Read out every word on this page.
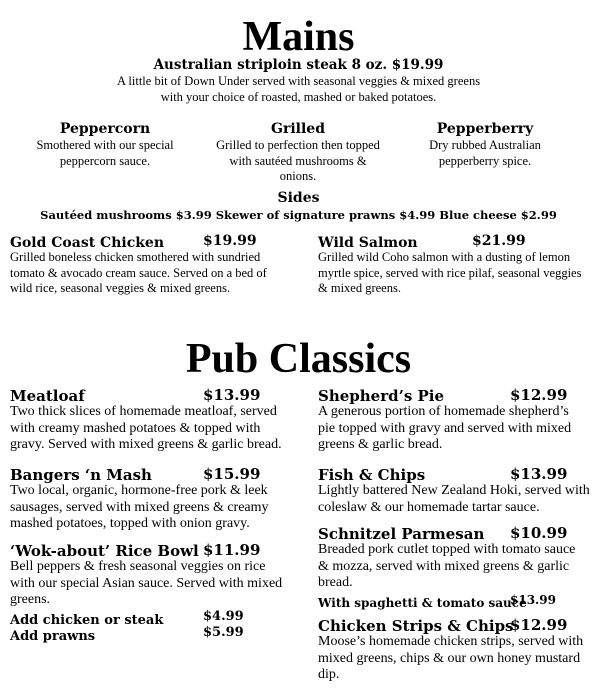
Mains
Australian striploin steak 8 oz. $19.99
A little bit of Down Under served with seasonal veggies & mixed greens
with your choice of roasted, mashed or baked potatoes.
Peppercorn
Smothered with our special
peppercorn sauce.
Grilled
Grilled to perfection then topped
with sautéed mushrooms &
onions.
Pepperberry
Dry rubbed Australian
pepperberry spice.
Sides
Sautéed mushrooms $3.99 Skewer of signature prawns $4.99 Blue cheese $2.99
Gold Coast Chicken	$19.99
Grilled boneless chicken smothered with sundried
tomato & avocado cream sauce. Served on a bed of
wild rice, seasonal veggies & mixed greens.
Wild Salmon	$21.99
Grilled wild Coho salmon with a dusting of lemon
myrtle spice, served with rice pilaf, seasonal veggies
& mixed greens.
Pub Classics
Meatloaf	$13.99
Two thick slices of homemade meatloaf, served
with creamy mashed potatoes & topped with
gravy. Served with mixed greens & garlic bread.
Bangers ‘n Mash	$15.99
Two local, organic, hormone-free pork & leek
sausages, served with mixed greens & creamy
mashed potatoes, topped with onion gravy.
‘Wok-about’ Rice Bowl $11.99
Bell peppers & fresh seasonal veggies on rice
with our special Asian sauce. Served with mixed
greens.
Add chicken or steak	$4.99
Add prawns	$5.99
Shepherd’s Pie	$12.99
A generous portion of homemade shepherd’s
pie topped with gravy and served with mixed
greens & garlic bread.
Fish & Chips	$13.99
Lightly battered New Zealand Hoki, served with
coleslaw & our homemade tartar sauce.
Schnitzel Parmesan $10.99
Breaded pork cutlet topped with tomato sauce
& mozza, served with mixed greens & garlic
bread.
With spaghetti & tomato sauce
$13.99
Chicken Strips & Chips
$12.99
Moose’s homemade chicken strips, served with
mixed greens, chips & our own honey mustard
dip.
